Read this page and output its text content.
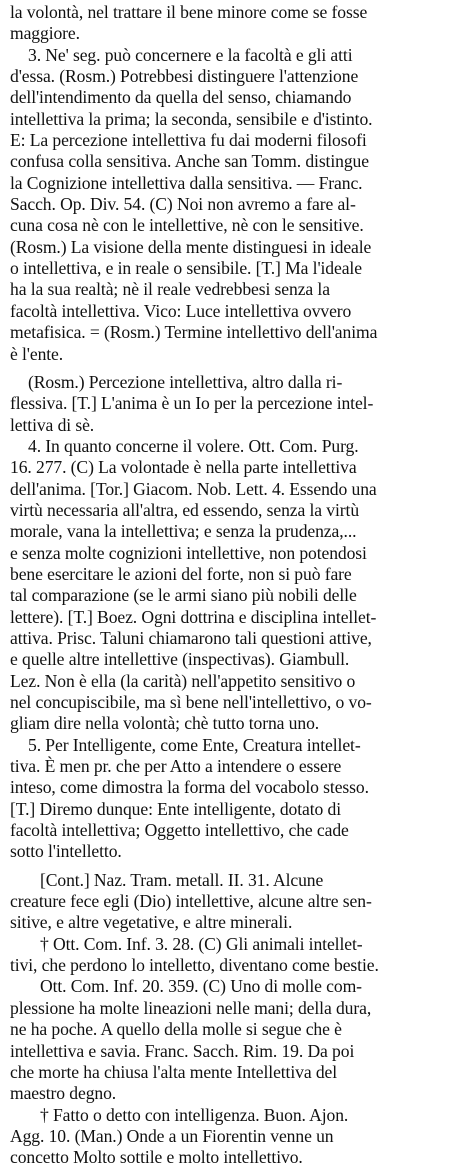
la volontà, nel trattare il bene minore come se fosse
maggiore.
3. Ne' seg. può concernere e la facoltà e gli atti
d'essa. (Rosm.) Potrebbesi distinguere l'attenzione
dell'intendimento da quella del senso, chiamando
intellettiva la prima; la seconda, sensibile e d'istinto.
E: La percezione intellettiva fu dai moderni filosofi
confusa colla sensitiva. Anche san Tomm. distingue
la Cognizione intellettiva dalla sensitiva. — Franc.
Sacch. Op. Div. 54. (C) Noi non avremo a fare al-
cuna cosa nè con le intellettive, nè con le sensitive.
(Rosm.) La visione della mente distinguesi in ideale
o intellettiva, e in reale o sensibile. [T.] Ma l'ideale
ha la sua realtà; nè il reale vedrebbesi senza la
facoltà intellettiva. Vico: Luce intellettiva ovvero
metafisica. = (Rosm.) Termine intellettivo dell'anima
è l'ente.
(Rosm.) Percezione intellettiva, altro dalla ri-
flessiva. [T.] L'anima è un Io per la percezione intel-
lettiva di sè.
4. In quanto concerne il volere. Ott. Com. Purg.
16. 277. (C) La volontade è nella parte intellettiva
dell'anima. [Tor.] Giacom. Nob. Lett. 4. Essendo una
virtù necessaria all'altra, ed essendo, senza la virtù
morale, vana la intellettiva; e senza la prudenza,...
e senza molte cognizioni intellettive, non potendosi
bene esercitare le azioni del forte, non si può fare
tal comparazione (se le armi siano più nobili delle
lettere). [T.] Boez. Ogni dottrina e disciplina intellet-
attiva. Prisc. Taluni chiamarono tali questioni attive,
e quelle altre intellettive (inspectivas). Giambull.
Lez. Non è ella (la carità) nell'appetito sensitivo o
nel concupiscibile, ma sì bene nell'intellettivo, o vo-
gliam dire nella volontà; chè tutto torna uno.
5. Per Intelligente, come Ente, Creatura intellet-
tiva. È men pr. che per Atto a intendere o essere
inteso, come dimostra la forma del vocabolo stesso.
[T.] Diremo dunque: Ente intelligente, dotato di
facoltà intellettiva; Oggetto intellettivo, che cade
sotto l'intelletto.
[Cont.] Naz. Tram. metall. II. 31. Alcune
creature fece egli (Dio) intellettive, alcune altre sen-
sitive, e altre vegetative, e altre minerali.
† Ott. Com. Inf. 3. 28. (C) Gli animali intellet-
tivi, che perdono lo intelletto, diventano come bestie.
Ott. Com. Inf. 20. 359. (C) Uno di molle com-
plessione ha molte lineazioni nelle mani; della dura,
ne ha poche. A quello della molle si segue che è
intellettiva e savia. Franc. Sacch. Rim. 19. Da poi
che morte ha chiusa l'alta mente Intellettiva del
maestro degno.
† Fatto o detto con intelligenza. Buon. Ajon.
Agg. 10. (Man.) Onde a un Fiorentin venne un
concetto Molto sottile e molto intellettivo.
